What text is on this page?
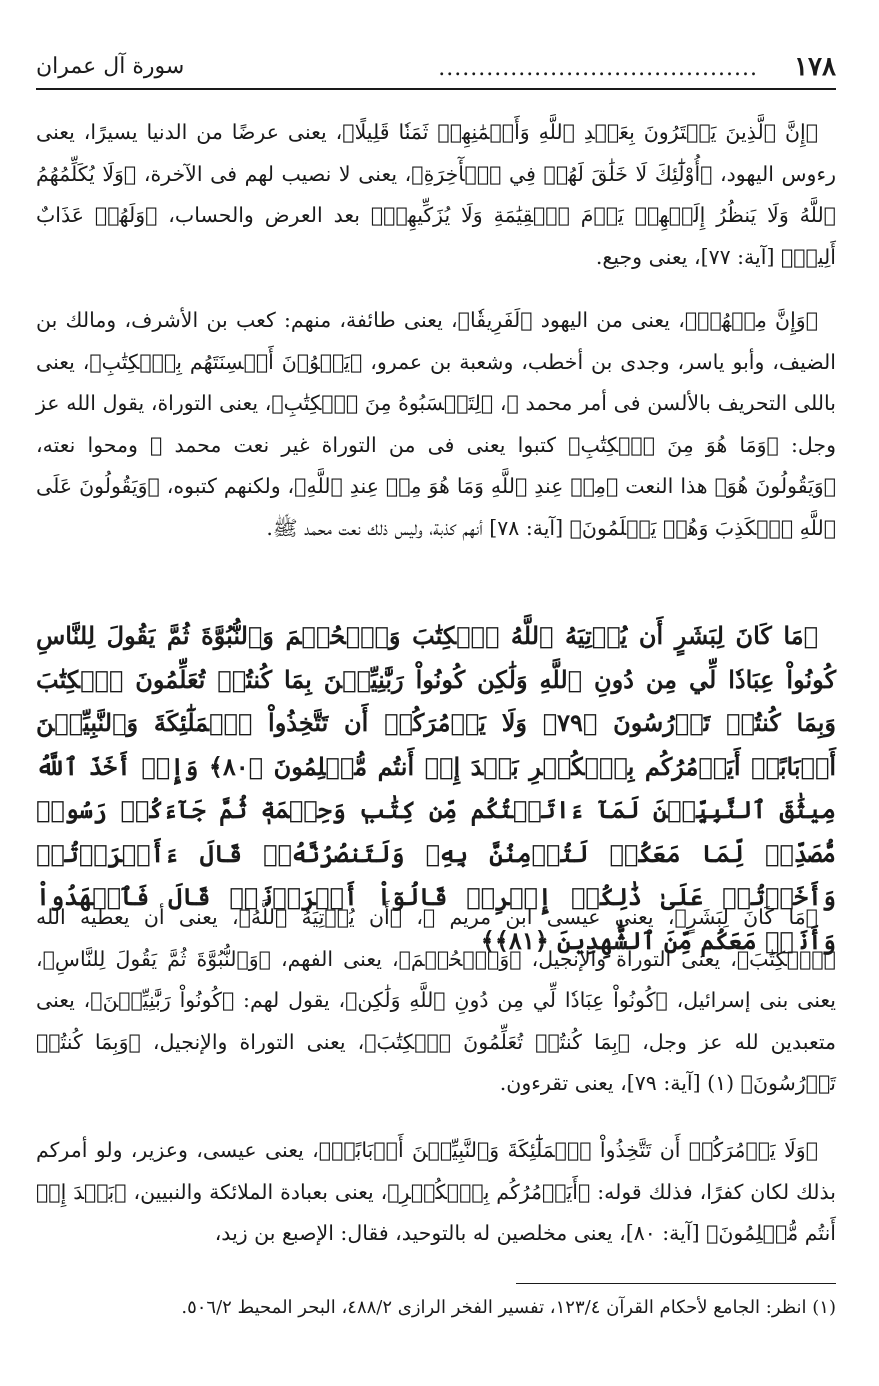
١٧٨
........................................
سورة آل عمران
﴿إِنَّ ٱلَّذِينَ يَشۡتَرُونَ بِعَهۡدِ ٱللَّهِ وَأَيۡمَٰنِهِمۡ ثَمَنٗا قَلِيلًا﴾، يعنى عرضًا من الدنيا يسيرًا، يعنى رءوس اليهود، ﴿أُوْلَٰٓئِكَ لَا خَلَٰقَ لَهُمۡ فِي ٱلۡأٓخِرَةِ﴾، يعنى لا نصيب لهم فى الآخرة، ﴿وَلَا يُكَلِّمُهُمُ ٱللَّهُ وَلَا يَنظُرُ إِلَيۡهِمۡ يَوۡمَ ٱلۡقِيَٰمَةِ وَلَا يُزَكِّيهِمۡ﴾ بعد العرض والحساب، ﴿وَلَهُمۡ عَذَابٌ أَلِيمٞ﴾ [آية: ٧٧]، يعنى وجيع.
﴿وَإِنَّ مِنۡهُمۡ﴾، يعنى من اليهود ﴿لَفَرِيقٗا﴾، يعنى طائفة، منهم: كعب بن الأشرف، ومالك بن الضيف، وأبو ياسر، وجدى بن أخطب، وشعبة بن عمرو، ﴿يَلۡوُۥنَ أَلۡسِنَتَهُم بِٱلۡكِتَٰبِ﴾، يعنى باللى التحريف بالألسن فى أمر محمد ﷺ، ﴿لِتَحۡسَبُوهُ مِنَ ٱلۡكِتَٰبِ﴾، يعنى التوراة، يقول الله عز وجل: ﴿وَمَا هُوَ مِنَ ٱلۡكِتَٰبِ﴾ كتبوا يعنى فى من التوراة غير نعت محمد ﷺ ومحوا نعته، ﴿وَيَقُولُونَ هُوَ﴾ هذا النعت ﴿مِنۡ عِندِ ٱللَّهِ وَمَا هُوَ مِنۡ عِندِ ٱللَّهِ﴾، ولكنهم كتبوه، ﴿وَيَقُولُونَ عَلَى ٱللَّهِ ٱلۡكَذِبَ وَهُمۡ يَعۡلَمُونَ﴾ [آية: ٧٨] أنهم كذبة، وليس ذلك نعت محمد ﷺ.
﴿مَا كَانَ لِبَشَرٍ أَن يُؤۡتِيَهُ ٱللَّهُ ٱلۡكِتَٰبَ وَٱلۡحُكۡمَ وَٱلنُّبُوَّةَ ثُمَّ يَقُولَ لِلنَّاسِ كُونُواْ عِبَادٗا لِّي مِن دُونِ ٱللَّهِ وَلَٰكِن كُونُواْ رَبَّٰنِيِّـۧنَ بِمَا كُنتُمۡ تُعَلِّمُونَ ٱلۡكِتَٰبَ وَبِمَا كُنتُمۡ تَدۡرُسُونَ ﴿٧٩﴾ وَلَا يَأۡمُرَكُمۡ أَن تَتَّخِذُواْ ٱلۡمَلَٰٓئِكَةَ وَٱلنَّبِيِّـۧنَ أَرۡبَابًاۗ أَيَأۡمُرُكُم بِٱلۡكُفۡرِ بَعۡدَ إِذۡ أَنتُم مُّسۡلِمُونَ ﴿٨٠﴾ وَإِذۡ أَخَذَ ٱللَّهُ مِيثَٰقَ ٱلنَّبِيِّـۧنَ لَمَآ ءَاتَيۡتُكُم مِّن كِتَٰبٖ وَحِكۡمَةٖ ثُمَّ جَآءَكُمۡ رَسُولٞ مُّصَدِّقٞ لِّمَا مَعَكُمۡ لَتُؤۡمِنُنَّ بِهِۦ وَلَتَنصُرُنَّهُۥۚ قَالَ ءَأَقۡرَرۡتُمۡ وَأَخَذۡتُمۡ عَلَىٰ ذَٰلِكُمۡ إِصۡرِيۖ قَالُوٓاْ أَقۡرَرۡنَاۚ قَالَ فَٱشۡهَدُواْ وَأَنَا۠ مَعَكُم مِّنَ ٱلشَّٰهِدِينَ ﴿٨١﴾﴾
﴿مَا كَانَ لِبَشَرٍ﴾، يعنى عيسى ابن مريم ﷺ، ﴿أَن يُؤۡتِيَهُ ٱللَّهُ﴾، يعنى أن يعطيه الله ﴿ٱلۡكِتَٰبَ﴾، يعنى التوراة والإنجيل، ﴿وَٱلۡحُكۡمَ﴾، يعنى الفهم، ﴿وَٱلنُّبُوَّةَ ثُمَّ يَقُولَ لِلنَّاسِ﴾، يعنى بنى إسرائيل، ﴿كُونُواْ عِبَادٗا لِّي مِن دُونِ ٱللَّهِ وَلَٰكِن﴾، يقول لهم: ﴿كُونُواْ رَبَّٰنِيِّـۧنَ﴾، يعنى متعبدين لله عز وجل، ﴿بِمَا كُنتُمۡ تُعَلِّمُونَ ٱلۡكِتَٰبَ﴾، يعنى التوراة والإنجيل، ﴿وَبِمَا كُنتُمۡ تَدۡرُسُونَ﴾ (١) [آية: ٧٩]، يعنى تقرءون.
﴿وَلَا يَأۡمُرَكُمۡ أَن تَتَّخِذُواْ ٱلۡمَلَٰٓئِكَةَ وَٱلنَّبِيِّـۧنَ أَرۡبَابًاۗ﴾، يعنى عيسى، وعزير، ولو أمركم بذلك لكان كفرًا، فذلك قوله: ﴿أَيَأۡمُرُكُم بِٱلۡكُفۡرِ﴾، يعنى بعبادة الملائكة والنبيين، ﴿بَعۡدَ إِذۡ أَنتُم مُّسۡلِمُونَ﴾ [آية: ٨٠]، يعنى مخلصين له بالتوحيد، فقال: الإصبع بن زيد،
(١) انظر: الجامع لأحكام القرآن ١٢٣/٤، تفسير الفخر الرازى ٤٨٨/٢، البحر المحيط ٥٠٦/٢.
